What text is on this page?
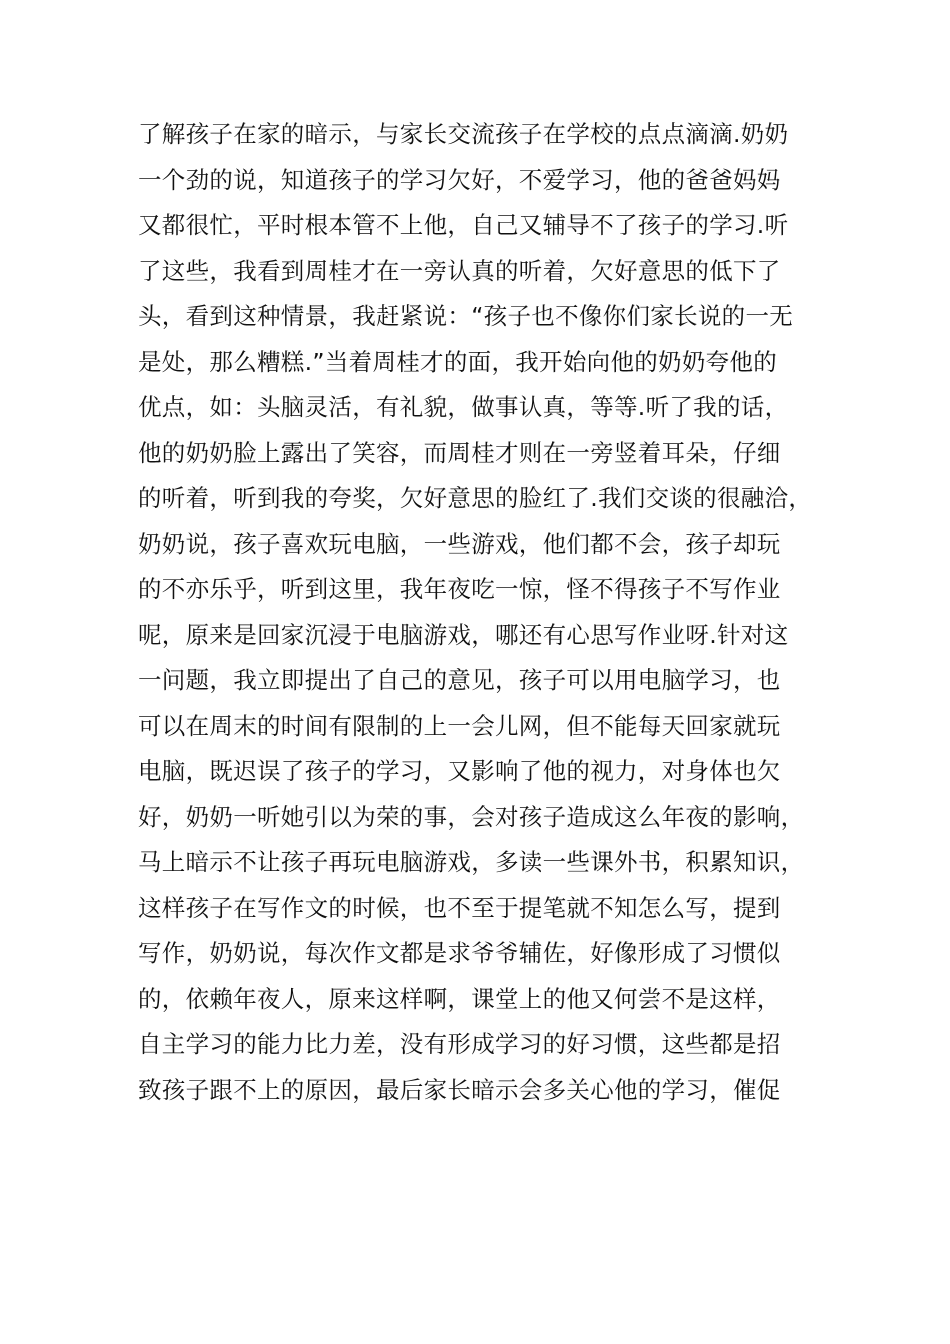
了解孩子在家的暗示，与家长交流孩子在学校的点点滴滴.奶奶
一个劲的说，知道孩子的学习欠好，不爱学习，他的爸爸妈妈
又都很忙，平时根本管不上他，自己又辅导不了孩子的学习.听
了这些，我看到周桂才在一旁认真的听着，欠好意思的低下了
头，看到这种情景，我赶紧说：“孩子也不像你们家长说的一无
是处，那么糟糕.”当着周桂才的面，我开始向他的奶奶夸他的
优点，如：头脑灵活，有礼貌，做事认真，等等.听了我的话，
他的奶奶脸上露出了笑容，而周桂才则在一旁竖着耳朵，仔细
的听着，听到我的夸奖，欠好意思的脸红了.我们交谈的很融洽，
奶奶说，孩子喜欢玩电脑，一些游戏，他们都不会，孩子却玩
的不亦乐乎，听到这里，我年夜吃一惊，怪不得孩子不写作业
呢，原来是回家沉浸于电脑游戏，哪还有心思写作业呀.针对这
一问题，我立即提出了自己的意见，孩子可以用电脑学习，也
可以在周末的时间有限制的上一会儿网，但不能每天回家就玩
电脑，既迟误了孩子的学习，又影响了他的视力，对身体也欠
好，奶奶一听她引以为荣的事，会对孩子造成这么年夜的影响，
马上暗示不让孩子再玩电脑游戏，多读一些课外书，积累知识，
这样孩子在写作文的时候，也不至于提笔就不知怎么写，提到
写作，奶奶说，每次作文都是求爷爷辅佐，好像形成了习惯似
的，依赖年夜人，原来这样啊，课堂上的他又何尝不是这样，
自主学习的能力比力差，没有形成学习的好习惯，这些都是招
致孩子跟不上的原因，最后家长暗示会多关心他的学习，催促
